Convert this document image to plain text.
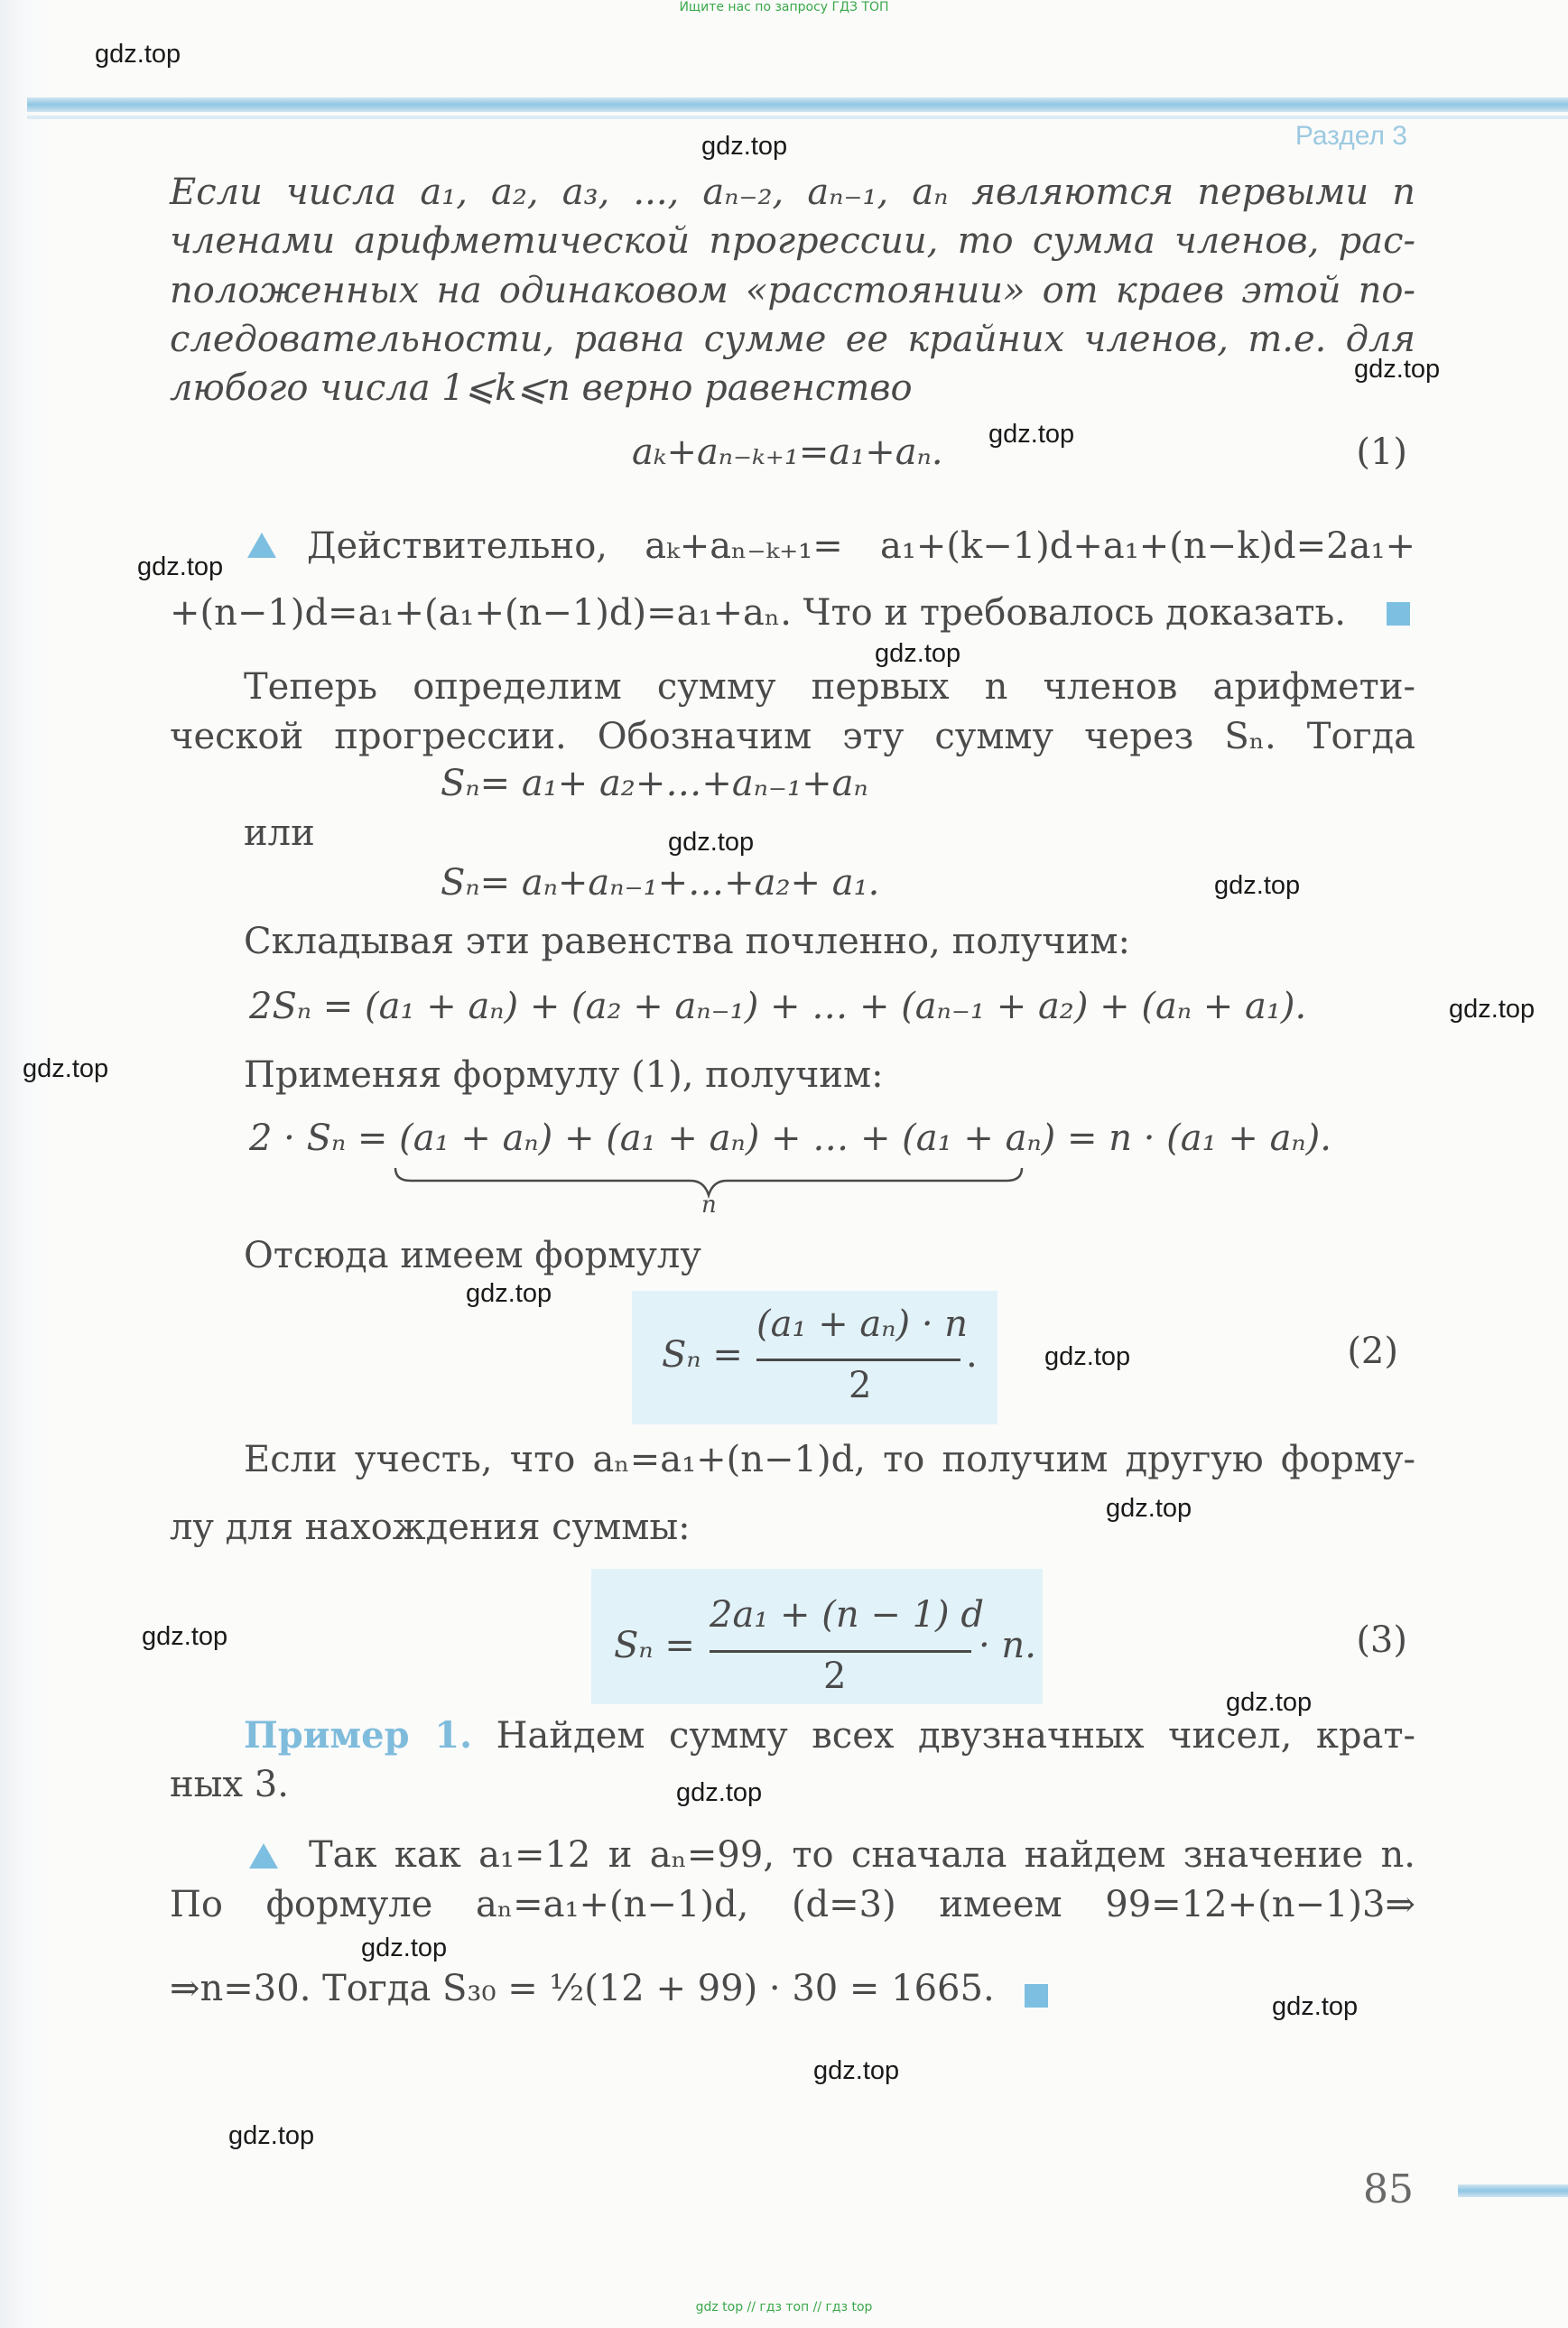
Ищите нас по запросу ГДЗ ТОП
Раздел 3
gdz.top
gdz.top
gdz.top
gdz.top
gdz.top
gdz.top
gdz.top
gdz.top
gdz.top
gdz.top
gdz.top
gdz.top
gdz.top
gdz.top
gdz.top
gdz.top
gdz.top
gdz.top
gdz.top
gdz.top
Если числа a₁, a₂, a₃, ..., aₙ₋₂, aₙ₋₁, aₙ являются первыми n
членами арифметической прогрессии, то сумма членов, рас-
положенных на одинаковом «расстоянии» от краев этой по-
следовательности, равна сумме ее крайних членов, т.е. для
любого числа 1⩽k⩽n верно равенство
aₖ+aₙ₋ₖ₊₁=a₁+aₙ.	(1)
Действительно, aₖ+aₙ₋ₖ₊₁= a₁+(k−1)d+a₁+(n−k)d=2a₁+
+(n−1)d=a₁+(a₁+(n−1)d)=a₁+aₙ. Что и требовалось доказать.
Теперь определим сумму первых n членов арифмети-
ческой прогрессии. Обозначим эту сумму через Sₙ. Тогда
Sₙ= a₁+ a₂+…+aₙ₋₁+aₙ
или
Sₙ= aₙ+aₙ₋₁+…+a₂+ a₁.
Складывая эти равенства почленно, получим:
2Sₙ = (a₁ + aₙ) + (a₂ + aₙ₋₁) + … + (aₙ₋₁ + a₂) + (aₙ + a₁).
Применяя формулу (1), получим:
2 · Sₙ = (a₁ + aₙ) + (a₁ + aₙ) + … + (a₁ + aₙ) = n · (a₁ + aₙ).
n
Отсюда имеем формулу
Sₙ =
(a₁ + aₙ) · n
2
.	(2)
Если учесть, что aₙ=a₁+(n−1)d, то получим другую форму-
лу для нахождения суммы:
Sₙ =
2a₁ + (n − 1) d
2
· n.	(3)
Пример 1. Найдем сумму всех двузначных чисел, крат-
ных 3.
Так как a₁=12 и aₙ=99, то сначала найдем значение n.
По формуле aₙ=a₁+(n−1)d, (d=3) имеем 99=12+(n−1)3⇒
⇒n=30. Тогда S₃₀ = ½(12 + 99) · 30 = 1665.
85
gdz top // гдз топ // гдз top
